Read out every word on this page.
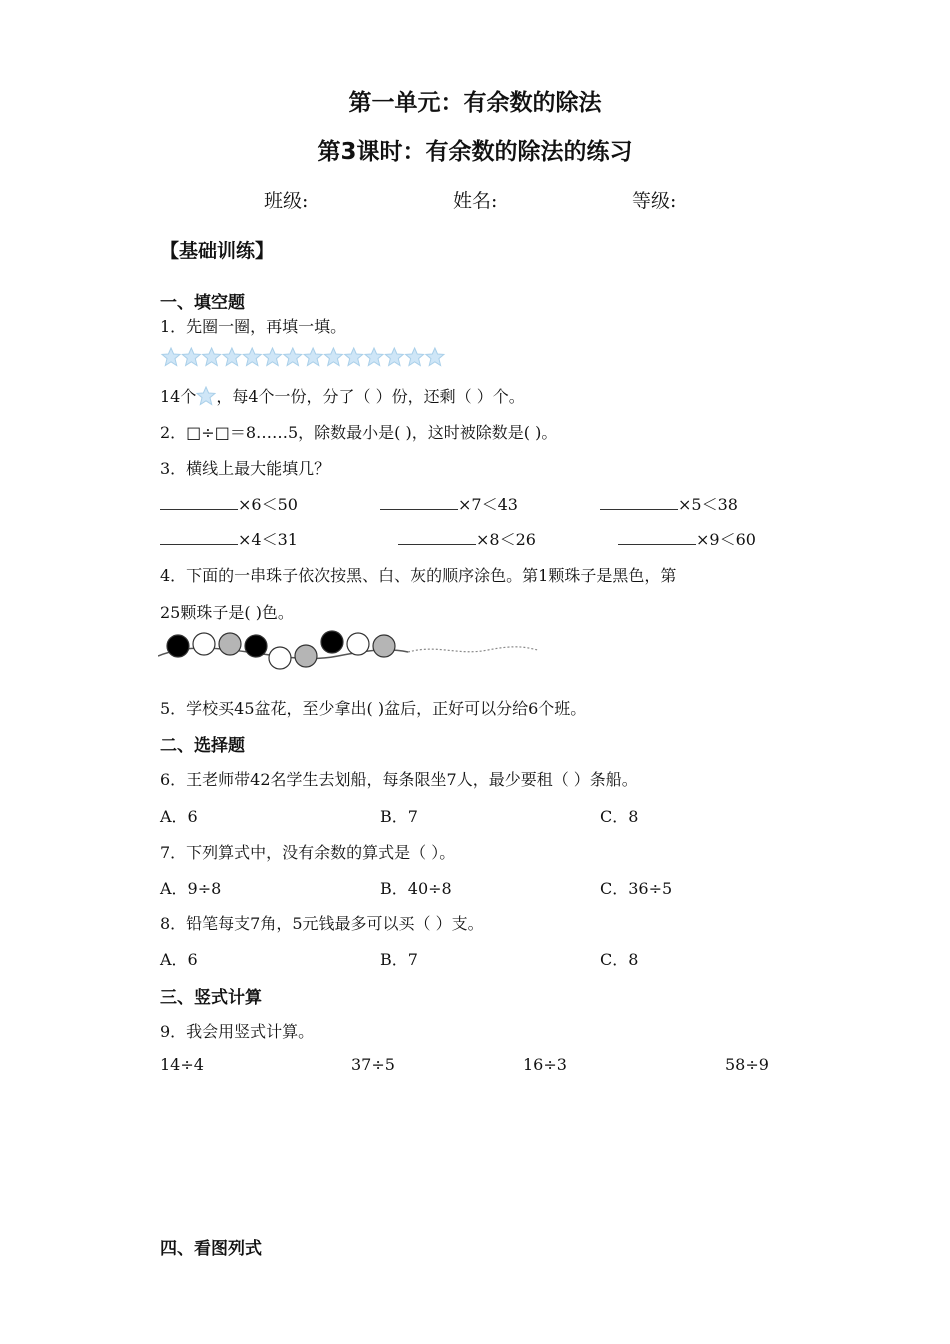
第一单元：有余数的除法
第3课时：有余数的除法的练习
班级:	姓名:	等级:
【基础训练】
一、填空题
1．先圈一圈，再填一填。
14个 ，每4个一份，分了（ ）份，还剩（ ）个。
2．□÷□＝8……5，除数最小是( )，这时被除数是( )。
3．横线上最大能填几？
×6＜50	×7＜43	×5＜38
×4＜31	×8＜26	×9＜60
4．下面的一串珠子依次按黑、白、灰的顺序涂色。第1颗珠子是黑色，第
25颗珠子是( )色。
5．学校买45盆花，至少拿出( )盆后，正好可以分给6个班。
二、选择题
6．王老师带42名学生去划船，每条限坐7人，最少要租（ ）条船。
A．6	B．7	C．8
7．下列算式中，没有余数的算式是（ ）。
A．9÷8	B．40÷8	C．36÷5
8．铅笔每支7角，5元钱最多可以买（ ）支。
A．6	B．7	C．8
三、竖式计算
9．我会用竖式计算。
14÷4	37÷5	16÷3	58÷9
四、看图列式
